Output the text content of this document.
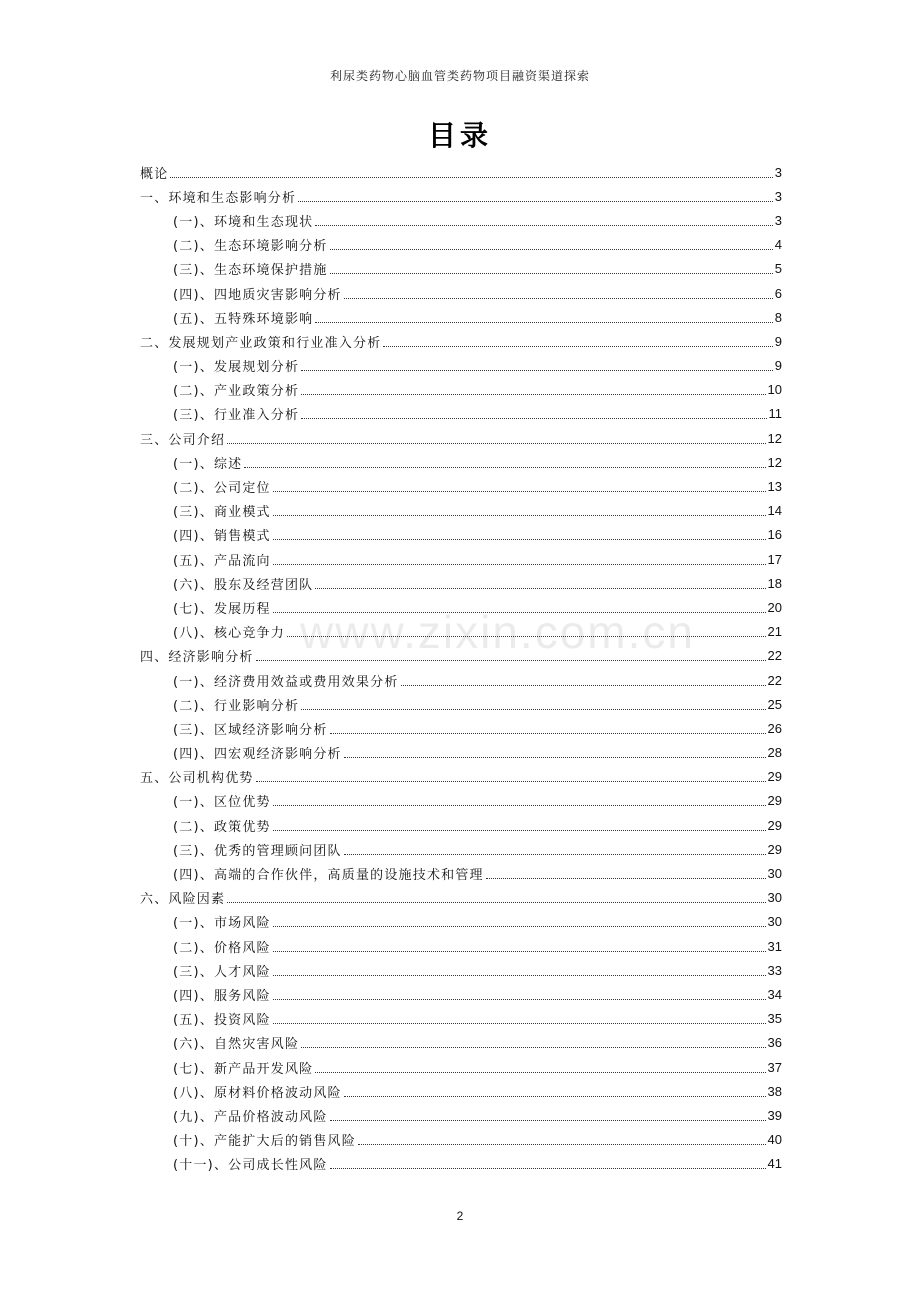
利尿类药物心脑血管类药物项目融资渠道探索
目录
www.zixin.com.cn
概论	3
一、环境和生态影响分析	3
(一)、环境和生态现状	3
(二)、生态环境影响分析	4
(三)、生态环境保护措施	5
(四)、四地质灾害影响分析	6
(五)、五特殊环境影响	8
二、发展规划产业政策和行业准入分析	9
(一)、发展规划分析	9
(二)、产业政策分析	10
(三)、行业准入分析	11
三、公司介绍	12
(一)、综述	12
(二)、公司定位	13
(三)、商业模式	14
(四)、销售模式	16
(五)、产品流向	17
(六)、股东及经营团队	18
(七)、发展历程	20
(八)、核心竞争力	21
四、经济影响分析	22
(一)、经济费用效益或费用效果分析	22
(二)、行业影响分析	25
(三)、区域经济影响分析	26
(四)、四宏观经济影响分析	28
五、公司机构优势	29
(一)、区位优势	29
(二)、政策优势	29
(三)、优秀的管理顾问团队	29
(四)、高端的合作伙伴，高质量的设施技术和管理	30
六、风险因素	30
(一)、市场风险	30
(二)、价格风险	31
(三)、人才风险	33
(四)、服务风险	34
(五)、投资风险	35
(六)、自然灾害风险	36
(七)、新产品开发风险	37
(八)、原材料价格波动风险	38
(九)、产品价格波动风险	39
(十)、产能扩大后的销售风险	40
(十一)、公司成长性风险	41
2
